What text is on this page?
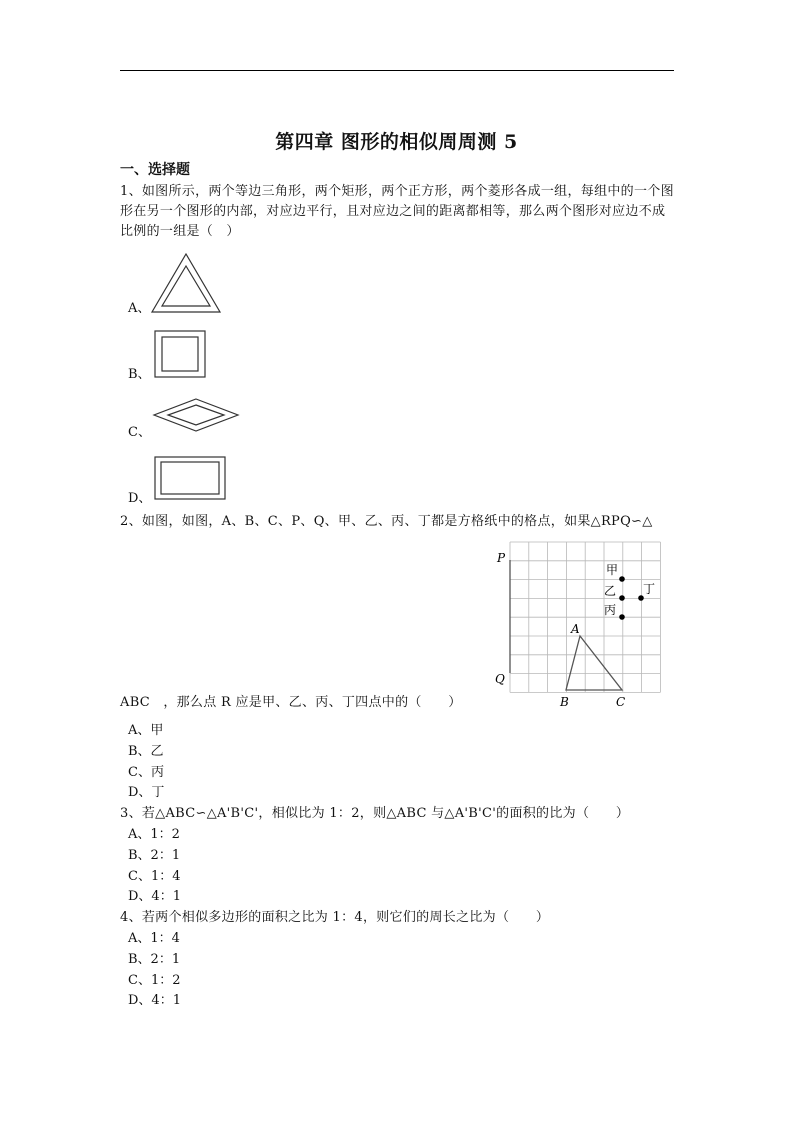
第四章 图形的相似周周测 5
一、选择题
1、如图所示，两个等边三角形，两个矩形，两个正方形，两个菱形各成一组，每组中的一个图形在另一个图形的内部，对应边平行，且对应边之间的距离都相等，那么两个图形对应边不成比例的一组是（　）
A、
B、
C、
D、
2、如图，如图，A、B、C、P、Q、甲、乙、丙、丁都是方格纸中的格点，如果△RPQ∽△
P
Q
A
B	C
甲
乙
丙
丁
ABC　，那么点 R 应是甲、乙、丙、丁四点中的（　　）
A、甲
B、乙
C、丙
D、丁
3、若△ABC∽△A'B'C'，相似比为 1：2，则△ABC 与△A'B'C'的面积的比为（　　）
A、1：2
B、2：1
C、1：4
D、4：1
4、若两个相似多边形的面积之比为 1：4，则它们的周长之比为（　　）
A、1：4
B、2：1
C、1：2
D、4：1
